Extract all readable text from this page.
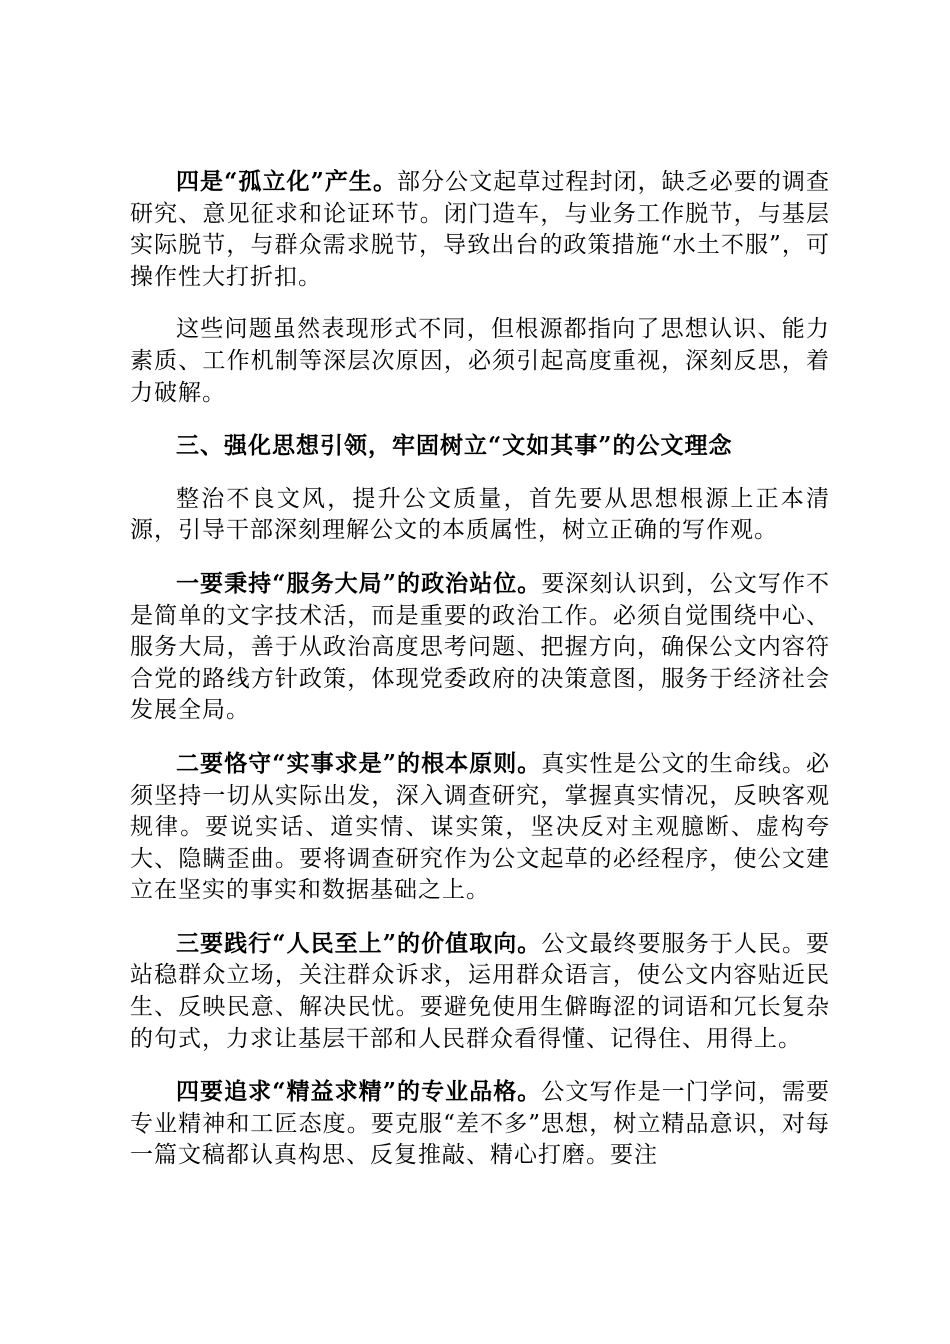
四是“孤立化”产生。部分公文起草过程封闭，缺乏必要的调查研究、意见征求和论证环节。闭门造车，与业务工作脱节，与基层实际脱节，与群众需求脱节，导致出台的政策措施“水土不服”，可操作性大打折扣。

这些问题虽然表现形式不同，但根源都指向了思想认识、能力素质、工作机制等深层次原因，必须引起高度重视，深刻反思，着力破解。

三、强化思想引领，牢固树立“文如其事”的公文理念

整治不良文风，提升公文质量，首先要从思想根源上正本清源，引导干部深刻理解公文的本质属性，树立正确的写作观。

一要秉持“服务大局”的政治站位。要深刻认识到，公文写作不是简单的文字技术活，而是重要的政治工作。必须自觉围绕中心、服务大局，善于从政治高度思考问题、把握方向，确保公文内容符合党的路线方针政策，体现党委政府的决策意图，服务于经济社会发展全局。

二要恪守“实事求是”的根本原则。真实性是公文的生命线。必须坚持一切从实际出发，深入调查研究，掌握真实情况，反映客观规律。要说实话、道实情、谋实策，坚决反对主观臆断、虚构夸大、隐瞒歪曲。要将调查研究作为公文起草的必经程序，使公文建立在坚实的事实和数据基础之上。

三要践行“人民至上”的价值取向。公文最终要服务于人民。要站稳群众立场，关注群众诉求，运用群众语言，使公文内容贴近民生、反映民意、解决民忧。要避免使用生僻晦涩的词语和冗长复杂的句式，力求让基层干部和人民群众看得懂、记得住、用得上。

四要追求“精益求精”的专业品格。公文写作是一门学问，需要专业精神和工匠态度。要克服“差不多”思想，树立精品意识，对每一篇文稿都认真构思、反复推敲、精心打磨。要注
